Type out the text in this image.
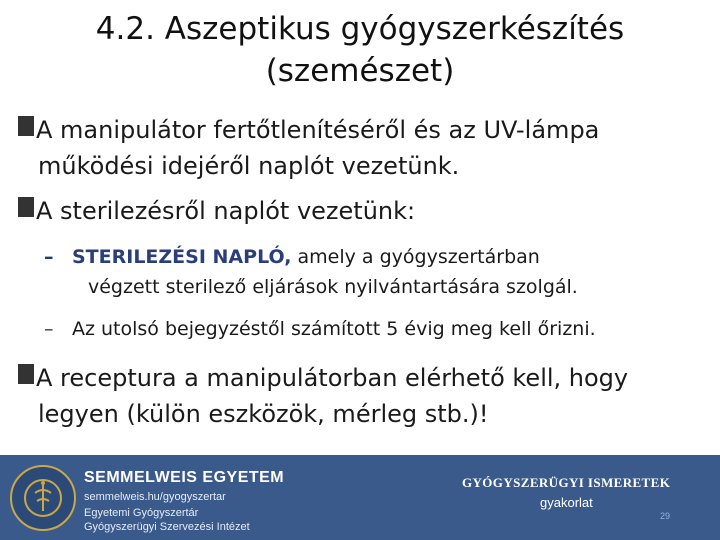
4.2. Aszeptikus gyógyszerkészítés
(szemészet)
A manipulátor fertőtlenítéséről és az UV-lámpa
működési idejéről naplót vezetünk.
A sterilezésről naplót vezetünk:
– STERILEZÉSI NAPLÓ, amely a gyógyszertárban
végzett sterilező eljárások nyilvántartására szolgál.
– Az utolsó bejegyzéstől számított 5 évig meg kell őrizni.
A receptura a manipulátorban elérhető kell, hogy
legyen (külön eszközök, mérleg stb.)!
SEMMELWEIS EGYETEM
semmelweis.hu/gyogyszertar
Egyetemi Gyógyszertár
Gyógyszerügyi Szervezési Intézet
GYÓGYSZERÜGYI ISMERETEK
gyakorlat
29
